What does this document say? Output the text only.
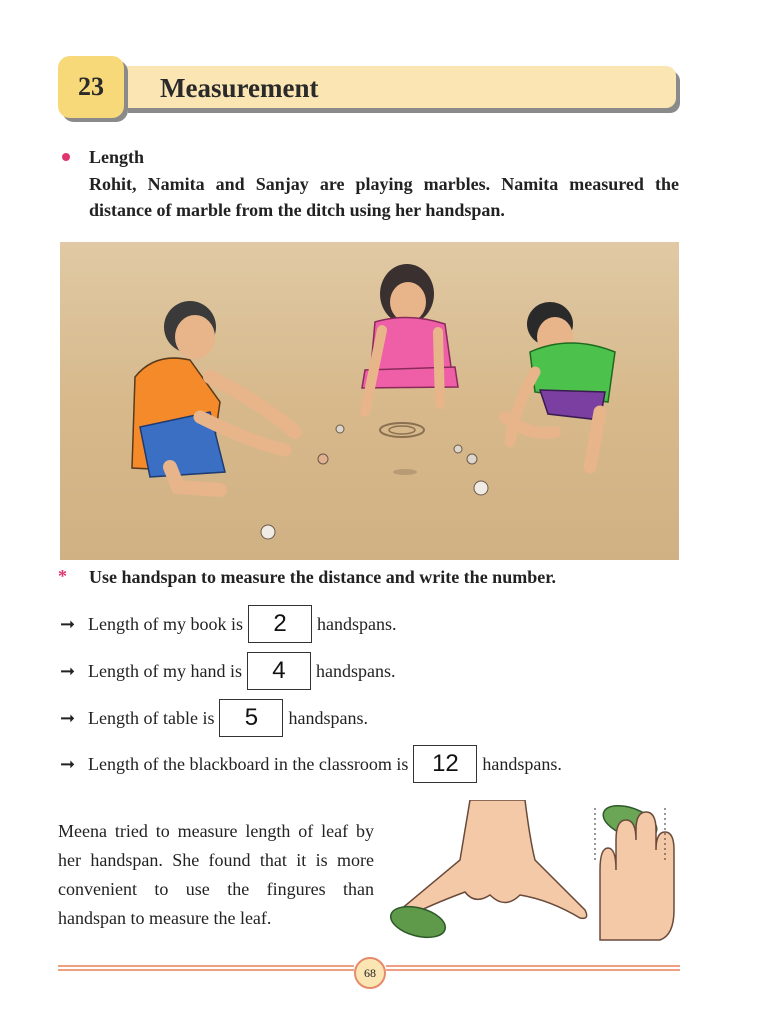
Measurement
23
Length
Rohit, Namita and Sanjay are playing marbles. Namita measured the distance of marble from the ditch using her handspan.
* Use handspan to measure the distance and write the number.
➞ Length of my book is	2	handspans.
➞ Length of my hand is	4	handspans.
➞ Length of table is	5	handspans.
➞ Length of the blackboard in the classroom is 12	handspans.
Meena tried to measure length of leaf by her handspan. She found that it is more convenient to use the fingures than handspan to measure the leaf.
68
